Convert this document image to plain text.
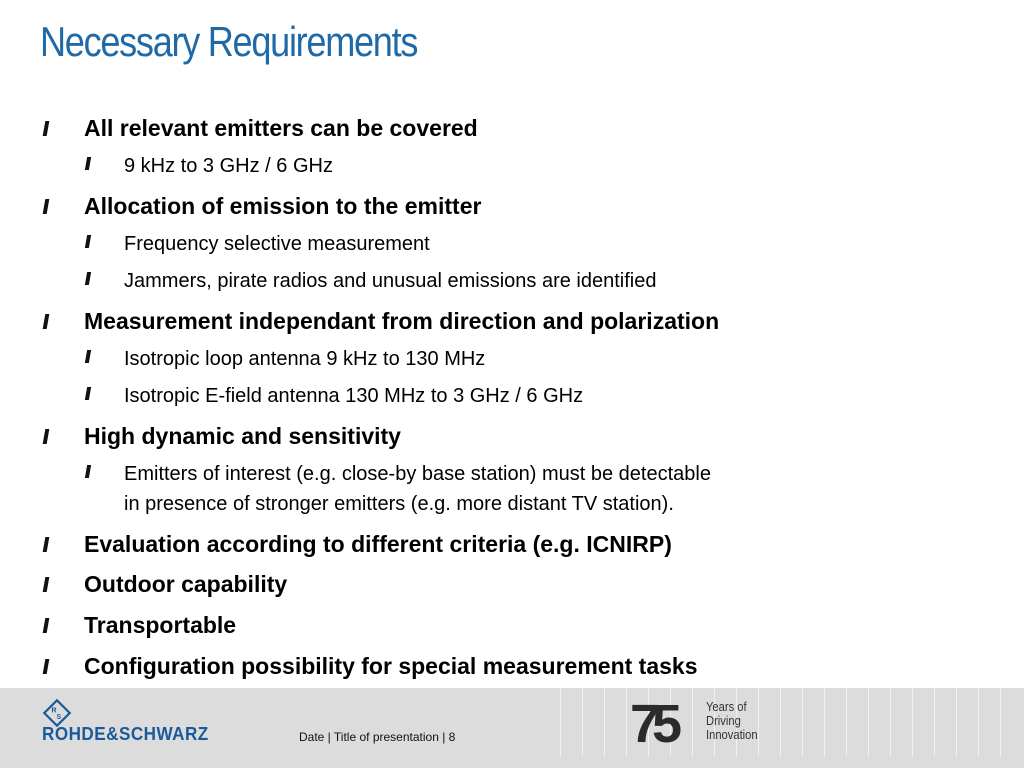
Necessary Requirements
All relevant emitters can be covered
9 kHz to 3 GHz / 6 GHz
Allocation of emission to the emitter
Frequency selective measurement
Jammers, pirate radios and unusual emissions are identified
Measurement independant from direction and polarization
Isotropic loop antenna 9 kHz to 130 MHz
Isotropic E-field antenna 130 MHz to 3 GHz / 6 GHz
High dynamic and sensitivity
Emitters of interest (e.g. close-by base station) must be detectable
in presence of stronger emitters (e.g. more distant TV station).
Evaluation according to different criteria (e.g. ICNIRP)
Outdoor capability
Transportable
Configuration possibility for special measurement tasks
R
S
ROHDE&SCHWARZ	Date | Title of presentation | 8	75	Years of
Driving
Innovation
